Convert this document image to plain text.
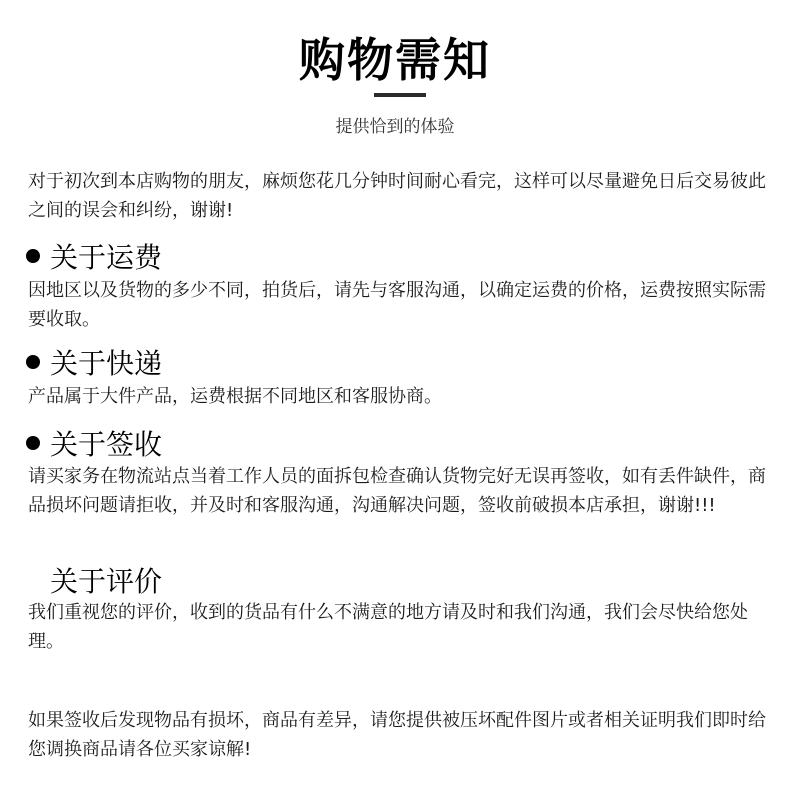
购物需知
提供恰到的体验

对于初次到本店购物的朋友，麻烦您花几分钟时间耐心看完，这样可以尽量避免日后交易彼此之间的误会和纠纷，谢谢!

关于运费

因地区以及货物的多少不同，拍货后，请先与客服沟通，以确定运费的价格，运费按照实际需要收取。

关于快递

产品属于大件产品，运费根据不同地区和客服协商。

关于签收

请买家务在物流站点当着工作人员的面拆包检查确认货物完好无误再签收，如有丢件缺件，商品损坏问题请拒收，并及时和客服沟通，沟通解决问题，签收前破损本店承担，谢谢!!!

关于评价

我们重视您的评价，收到的货品有什么不满意的地方请及时和我们沟通，我们会尽快给您处理。

如果签收后发现物品有损坏，商品有差异，请您提供被压坏配件图片或者相关证明我们即时给您调换商品请各位买家谅解!
